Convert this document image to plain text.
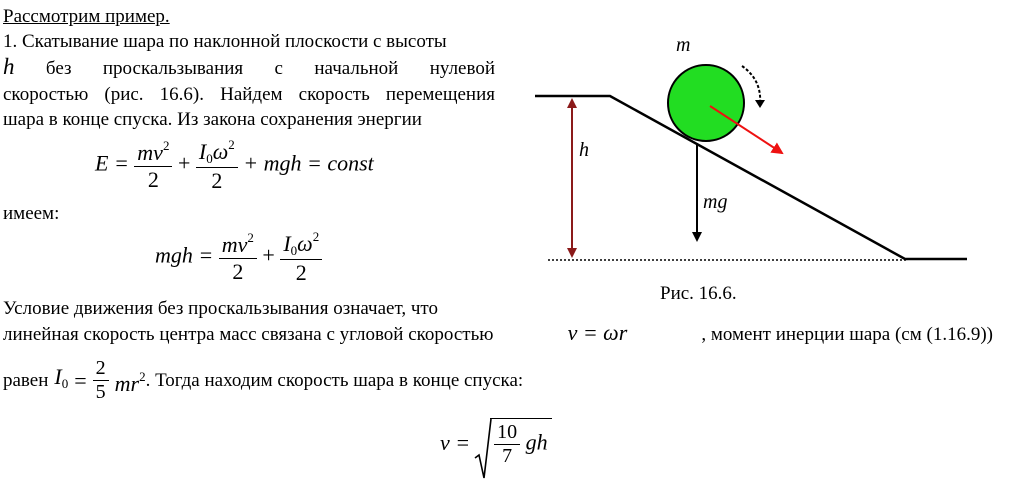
Рассмотрим пример.
1. Скатывание шара по наклонной плоскости с высоты
h без проскальзывания с начальной нулевой
скоростью (рис. 16.6). Найдем скорость перемещения
шара в конце спуска. Из закона сохранения энергии
$E = \frac{mv^2}{2} + \frac{I_0\omega^2}{2}$ + mgh = const
имеем:
mgh = $\frac{mv^2}{2} + \frac{I_0\omega^2}{2}$
Условие движения без проскальзывания означает, что
линейная скорость центра масс связана с угловой скоростью	v = ωr	, момент инерции шара (см (1.16.9))
равен $I_0 = \frac{2}{5} mr^2$ . Тогда находим скорость шара в конце спуска:
$v = \frac{10}{7}$ gh
m
h
mg
Рис. 16.6.
